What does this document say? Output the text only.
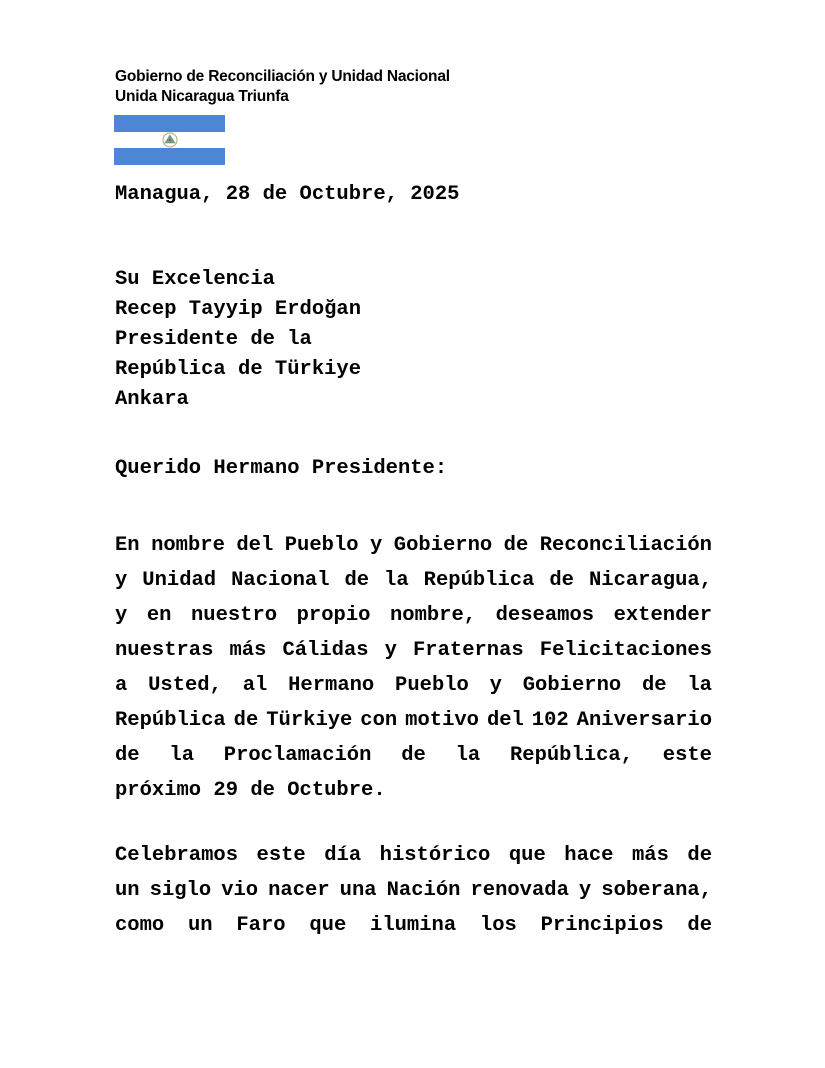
Gobierno de Reconciliación y Unidad Nacional
Unida Nicaragua Triunfa
Managua, 28 de Octubre, 2025
Su Excelencia
Recep Tayyip Erdoğan
Presidente de la
República de Türkiye
Ankara
Querido Hermano Presidente:
En nombre del Pueblo y Gobierno de Reconciliación
y Unidad Nacional de la República de Nicaragua,
y en nuestro propio nombre, deseamos extender
nuestras más Cálidas y Fraternas Felicitaciones
a Usted, al Hermano Pueblo y Gobierno de la
República de Türkiye con motivo del 102 Aniversario
de la Proclamación de la República, este
próximo 29 de Octubre.
Celebramos este día histórico que hace más de
un siglo vio nacer una Nación renovada y soberana,
como un Faro que ilumina los Principios de
